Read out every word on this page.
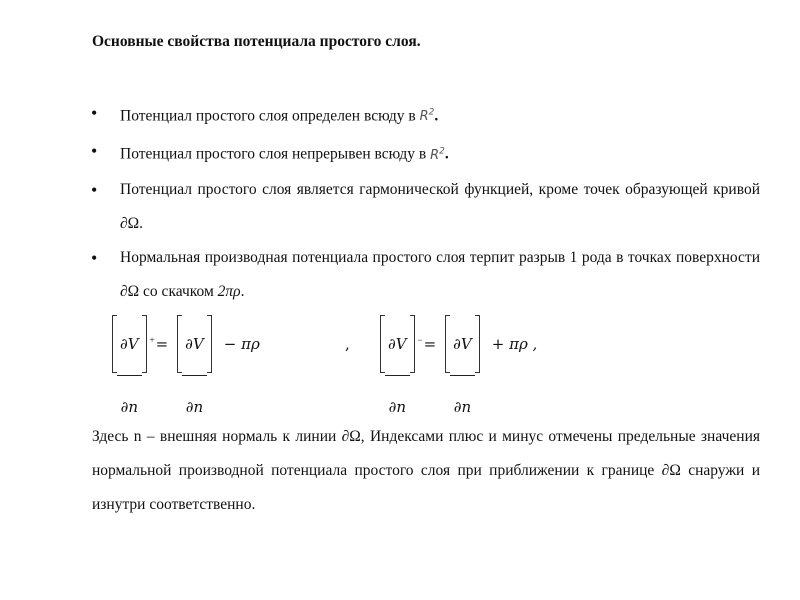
Основные свойства потенциала простого слоя.
• Потенциал простого слоя определен всюду в $R^2$.
• Потенциал простого слоя непрерывен всюду в $R^2$.
• Потенциал простого слоя является гармонической функцией, кроме точек образующей кривой ∂Ω.
• Нормальная производная потенциала простого слоя терпит разрыв 1 рода в точках поверхности ∂Ω со скачком 2πρ.
$\frac{\partial V}{\partial n}$ + = $\frac{\partial V}{\partial n} - \pi\rho$	, $\frac{\partial V}{\partial n}$ − = $\frac{\partial V}{\partial n} + \pi\rho$ ,

Здесь n – внешняя нормаль к линии ∂Ω, Индексами плюс и минус отмечены предельные значения нормальной производной потенциала простого слоя при приближении к границе ∂Ω снаружи и изнутри соответственно.
